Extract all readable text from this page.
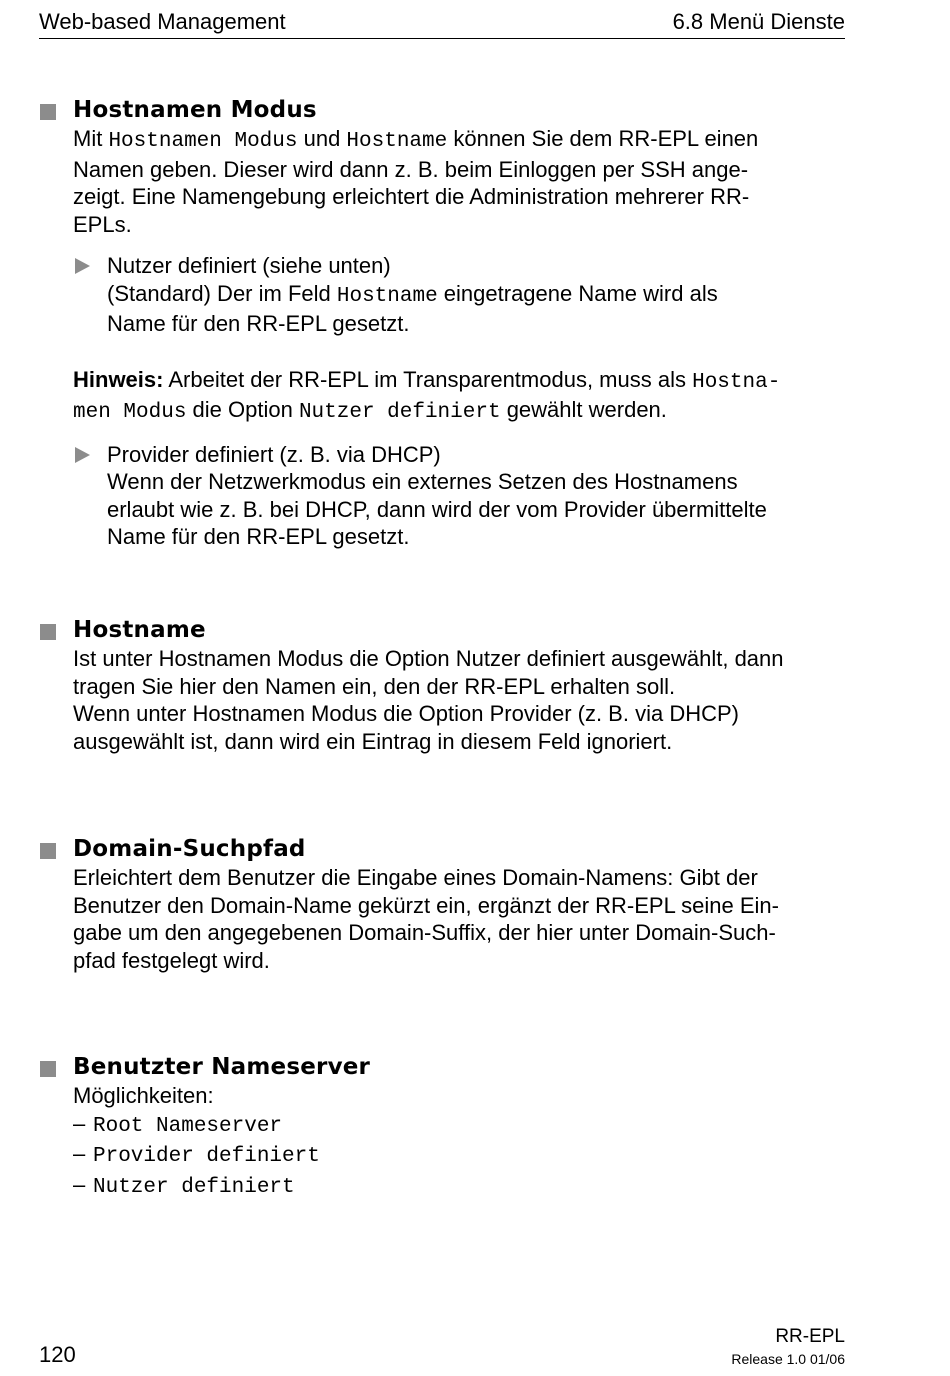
Web-based Management	6.8 Menü Dienste
Hostnamen Modus

Mit Hostnamen Modus und Hostname können Sie dem RR-EPL einen
Namen geben. Dieser wird dann z. B. beim Einloggen per SSH ange-
zeigt. Eine Namengebung erleichtert die Administration mehrerer RR-
EPLs.

Nutzer definiert (siehe unten)
(Standard) Der im Feld Hostname eingetragene Name wird als
Name für den RR-EPL gesetzt.

Hinweis: Arbeitet der RR-EPL im Transparentmodus, muss als Hostna-
men Modus die Option Nutzer definiert gewählt werden.

Provider definiert (z. B. via DHCP)
Wenn der Netzwerkmodus ein externes Setzen des Hostnamens
erlaubt wie z. B. bei DHCP, dann wird der vom Provider übermittelte
Name für den RR-EPL gesetzt.
Hostname

Ist unter Hostnamen Modus die Option Nutzer definiert ausgewählt, dann
tragen Sie hier den Namen ein, den der RR-EPL erhalten soll.
Wenn unter Hostnamen Modus die Option Provider (z. B. via DHCP)
ausgewählt ist, dann wird ein Eintrag in diesem Feld ignoriert.

Domain-Suchpfad

Erleichtert dem Benutzer die Eingabe eines Domain-Namens: Gibt der
Benutzer den Domain-Name gekürzt ein, ergänzt der RR-EPL seine Ein-
gabe um den angegebenen Domain-Suffix, der hier unter Domain-Such-
pfad festgelegt wird.

Benutzter Nameserver
Möglichkeiten:
– Root Nameserver
– Provider definiert
– Nutzer definiert
120
RR-EPL
Release 1.0 01/06
